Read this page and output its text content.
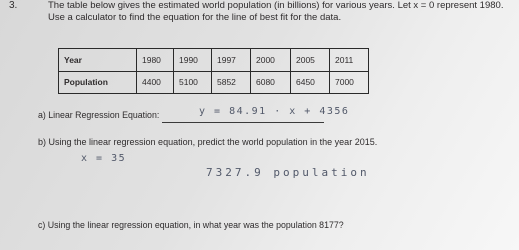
3.	The table below gives the estimated world population (in billions) for various years. Let x = 0 represent 1980.
Use a calculator to find the equation for the line of best fit for the data.
Year	1980	1990	1997	2000	2005	2011
Population	4400	5100	5852	6080	6450	7000
a) Linear Regression Equation:	y = 84.91 · x + 4356
b) Using the linear regression equation, predict the world population in the year 2015.
x = 35
7327.9 population
c) Using the linear regression equation, in what year was the population 8177?
